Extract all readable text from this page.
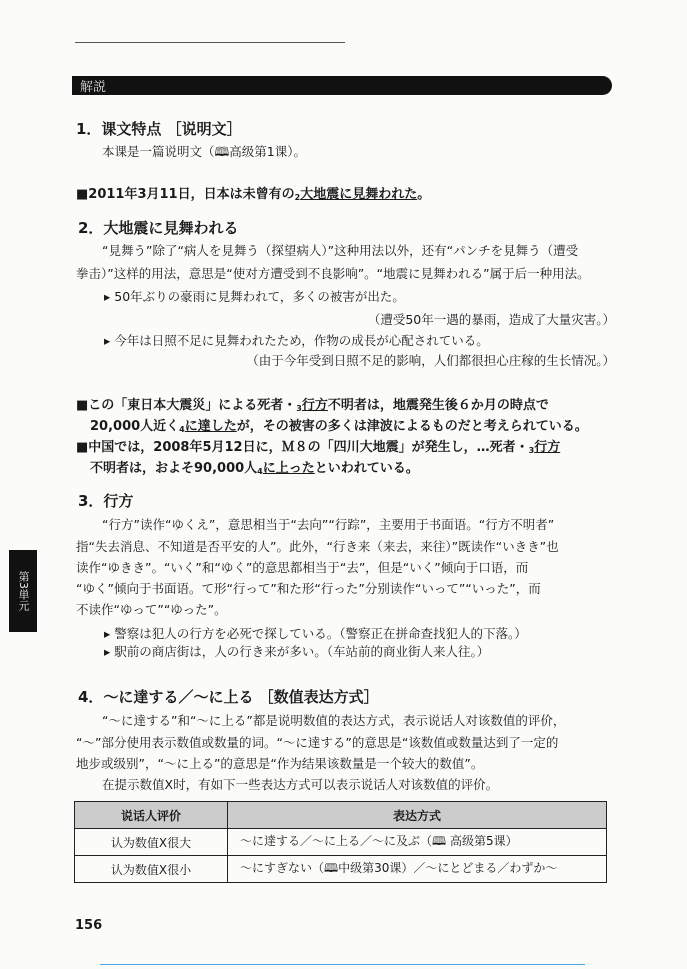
解説
第3単元
1．课文特点 ［说明文］
本课是一篇说明文（🕮高级第1课）。
■2011年3月11日，日本は未曾有の$_2$大地震に見舞われた。
2．大地震に見舞われる
“見舞う”除了“病人を見舞う（探望病人）”这种用法以外，还有“パンチを見舞う（遭受
拳击）”这样的用法，意思是“使对方遭受到不良影响”。“地震に見舞われる”属于后一种用法。
▸ 50年ぶりの豪雨に見舞われて，多くの被害が出た。
（遭受50年一遇的暴雨，造成了大量灾害。）
▸ 今年は日照不足に見舞われたため，作物の成長が心配されている。
（由于今年受到日照不足的影响，人们都很担心庄稼的生长情况。）
■この「東日本大震災」による死者・$_3$行方不明者は，地震発生後６か月の時点で
20,000人近く$_4$に達したが，その被害の多くは津波によるものだと考えられている。
■中国では，2008年5月12日に，Ｍ８の「四川大地震」が発生し，…死者・$_3$行方
不明者は，およそ90,000人$_4$に上ったといわれている。
3．行方
“行方”读作“ゆくえ”，意思相当于“去向”“行踪”，主要用于书面语。“行方不明者”
指“失去消息、不知道是否平安的人”。此外，“行き来（来去，来往）”既读作“いきき”也
读作“ゆきき”。“いく”和“ゆく”的意思都相当于“去”，但是“いく”倾向于口语，而
“ゆく”倾向于书面语。て形“行って”和た形“行った”分别读作“いって”“いった”，而
不读作“ゆって”“ゆった”。
▸ 警察は犯人の行方を必死で探している。（警察正在拼命查找犯人的下落。）
▸ 駅前の商店街は，人の行き来が多い。（车站前的商业街人来人往。）
4．～に達する／～に上る ［数值表达方式］
“～に達する”和“～に上る”都是说明数值的表达方式，表示说话人对该数值的评价，
“～”部分使用表示数值或数量的词。“～に達する”的意思是“该数值或数量达到了一定的
地步或级别”，“～に上る”的意思是“作为结果该数量是一个较大的数值”。
在提示数值X时，有如下一些表达方式可以表示说话人对该数值的评价。
说话人评价	表达方式
认为数值X很大	～に達する／～に上る／～に及ぶ（🕮 高级第5课）
认为数值X很小	～にすぎない（🕮中级第30课）／～にとどまる／わずか～
156
